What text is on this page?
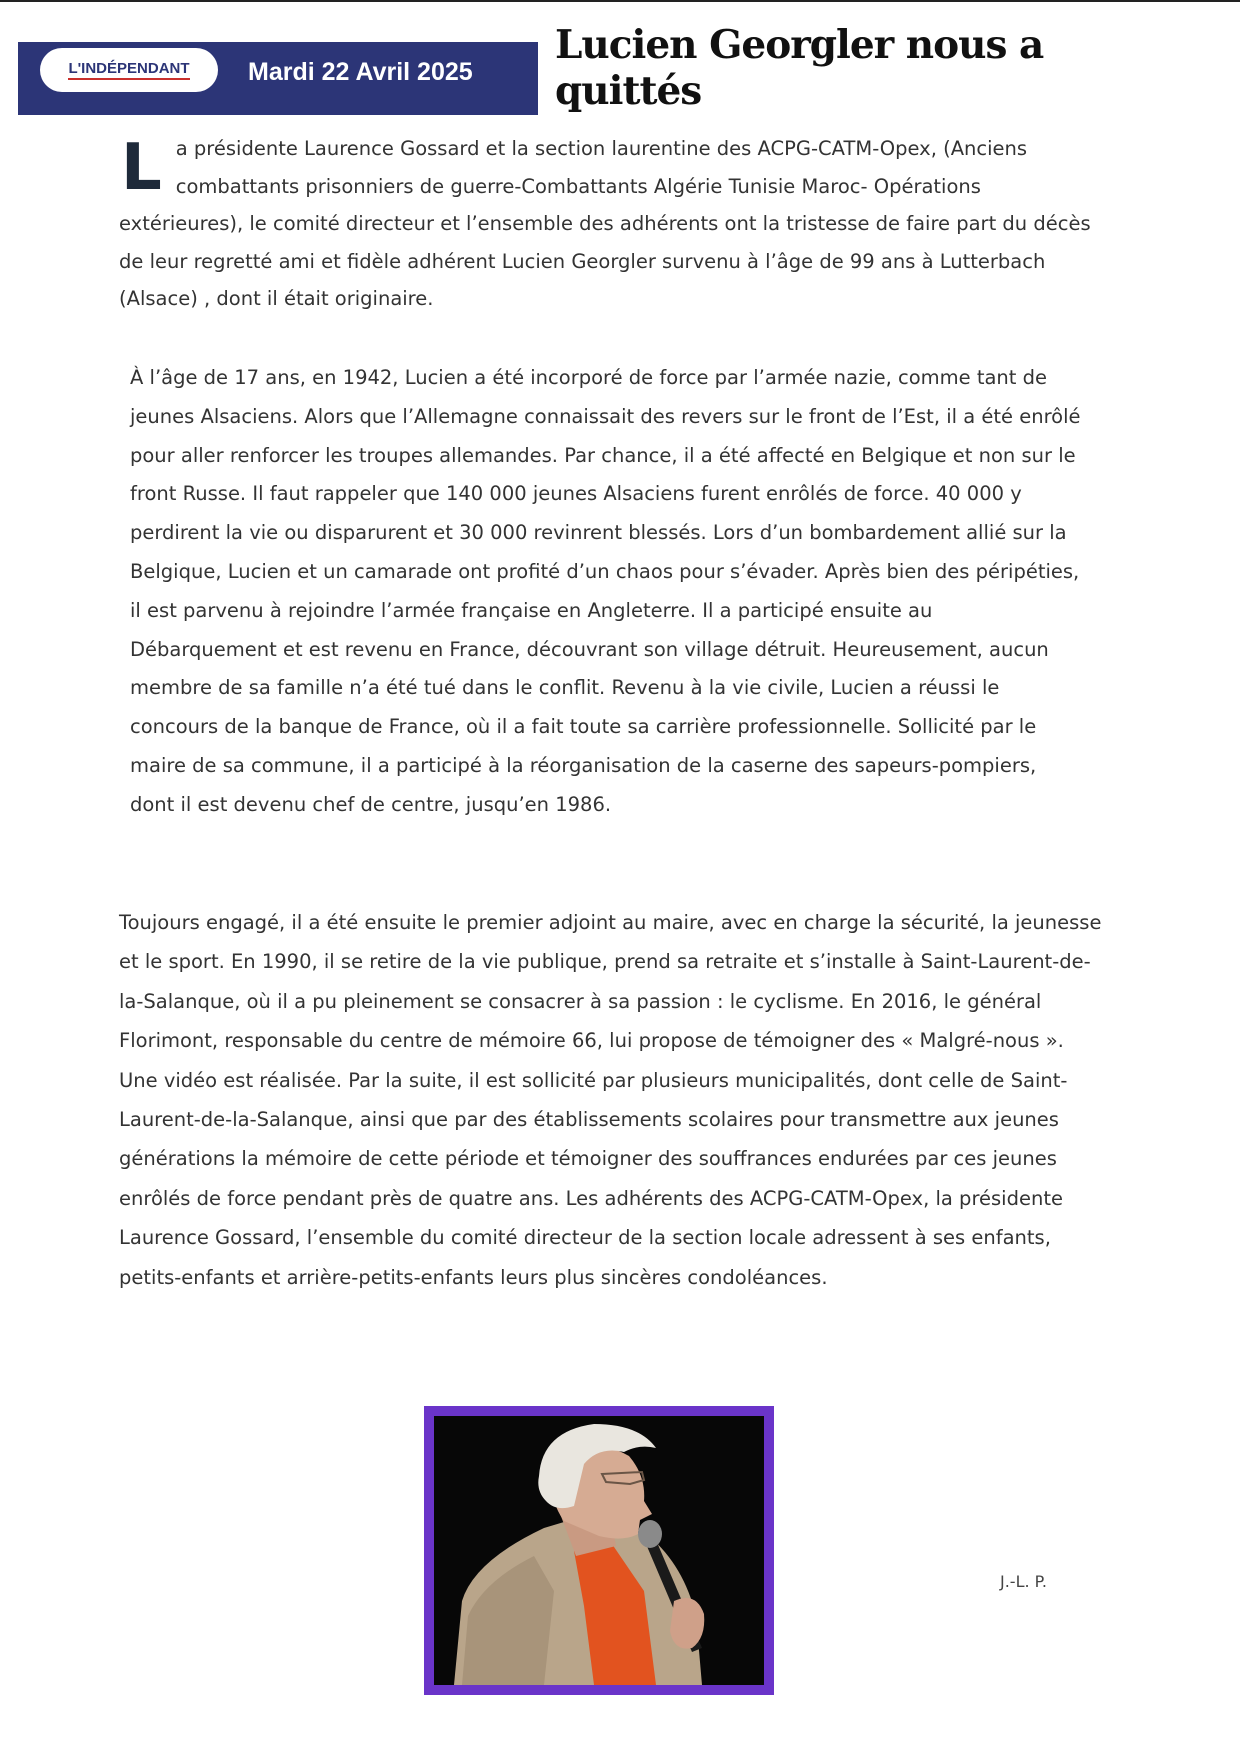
L'INDÉPENDANT Mardi 22 Avril 2025
Lucien Georgler nous a quittés

La présidente Laurence Gossard et la section laurentine des ACPG-CATM-Opex, (Anciens combattants prisonniers de guerre-Combattants Algérie Tunisie Maroc- Opérations extérieures), le comité directeur et l’ensemble des adhérents ont la tristesse de faire part du décès de leur regretté ami et fidèle adhérent Lucien Georgler survenu à l’âge de 99 ans à Lutterbach (Alsace) , dont il était originaire.

À l’âge de 17 ans, en 1942, Lucien a été incorporé de force par l’armée nazie, comme tant de jeunes Alsaciens. Alors que l’Allemagne connaissait des revers sur le front de l’Est, il a été enrôlé pour aller renforcer les troupes allemandes. Par chance, il a été affecté en Belgique et non sur le front Russe. Il faut rappeler que 140 000 jeunes Alsaciens furent enrôlés de force. 40 000 y perdirent la vie ou disparurent et 30 000 revinrent blessés. Lors d’un bombardement allié sur la Belgique, Lucien et un camarade ont profité d’un chaos pour s’évader. Après bien des péripéties, il est parvenu à rejoindre l’armée française en Angleterre. Il a participé ensuite au Débarquement et est revenu en France, découvrant son village détruit. Heureusement, aucun membre de sa famille n’a été tué dans le conflit. Revenu à la vie civile, Lucien a réussi le concours de la banque de France, où il a fait toute sa carrière professionnelle. Sollicité par le maire de sa commune, il a participé à la réorganisation de la caserne des sapeurs-pompiers, dont il est devenu chef de centre, jusqu’en 1986.

Toujours engagé, il a été ensuite le premier adjoint au maire, avec en charge la sécurité, la jeunesse et le sport. En 1990, il se retire de la vie publique, prend sa retraite et s’installe à Saint-Laurent-de-la-Salanque, où il a pu pleinement se consacrer à sa passion : le cyclisme. En 2016, le général Florimont, responsable du centre de mémoire 66, lui propose de témoigner des « Malgré-nous ». Une vidéo est réalisée. Par la suite, il est sollicité par plusieurs municipalités, dont celle de Saint-Laurent-de-la-Salanque, ainsi que par des établissements scolaires pour transmettre aux jeunes générations la mémoire de cette période et témoigner des souffrances endurées par ces jeunes enrôlés de force pendant près de quatre ans. Les adhérents des ACPG-CATM-Opex, la présidente Laurence Gossard, l’ensemble du comité directeur de la section locale adressent à ses enfants, petits-enfants et arrière-petits-enfants leurs plus sincères condoléances.

J.-L. P.
